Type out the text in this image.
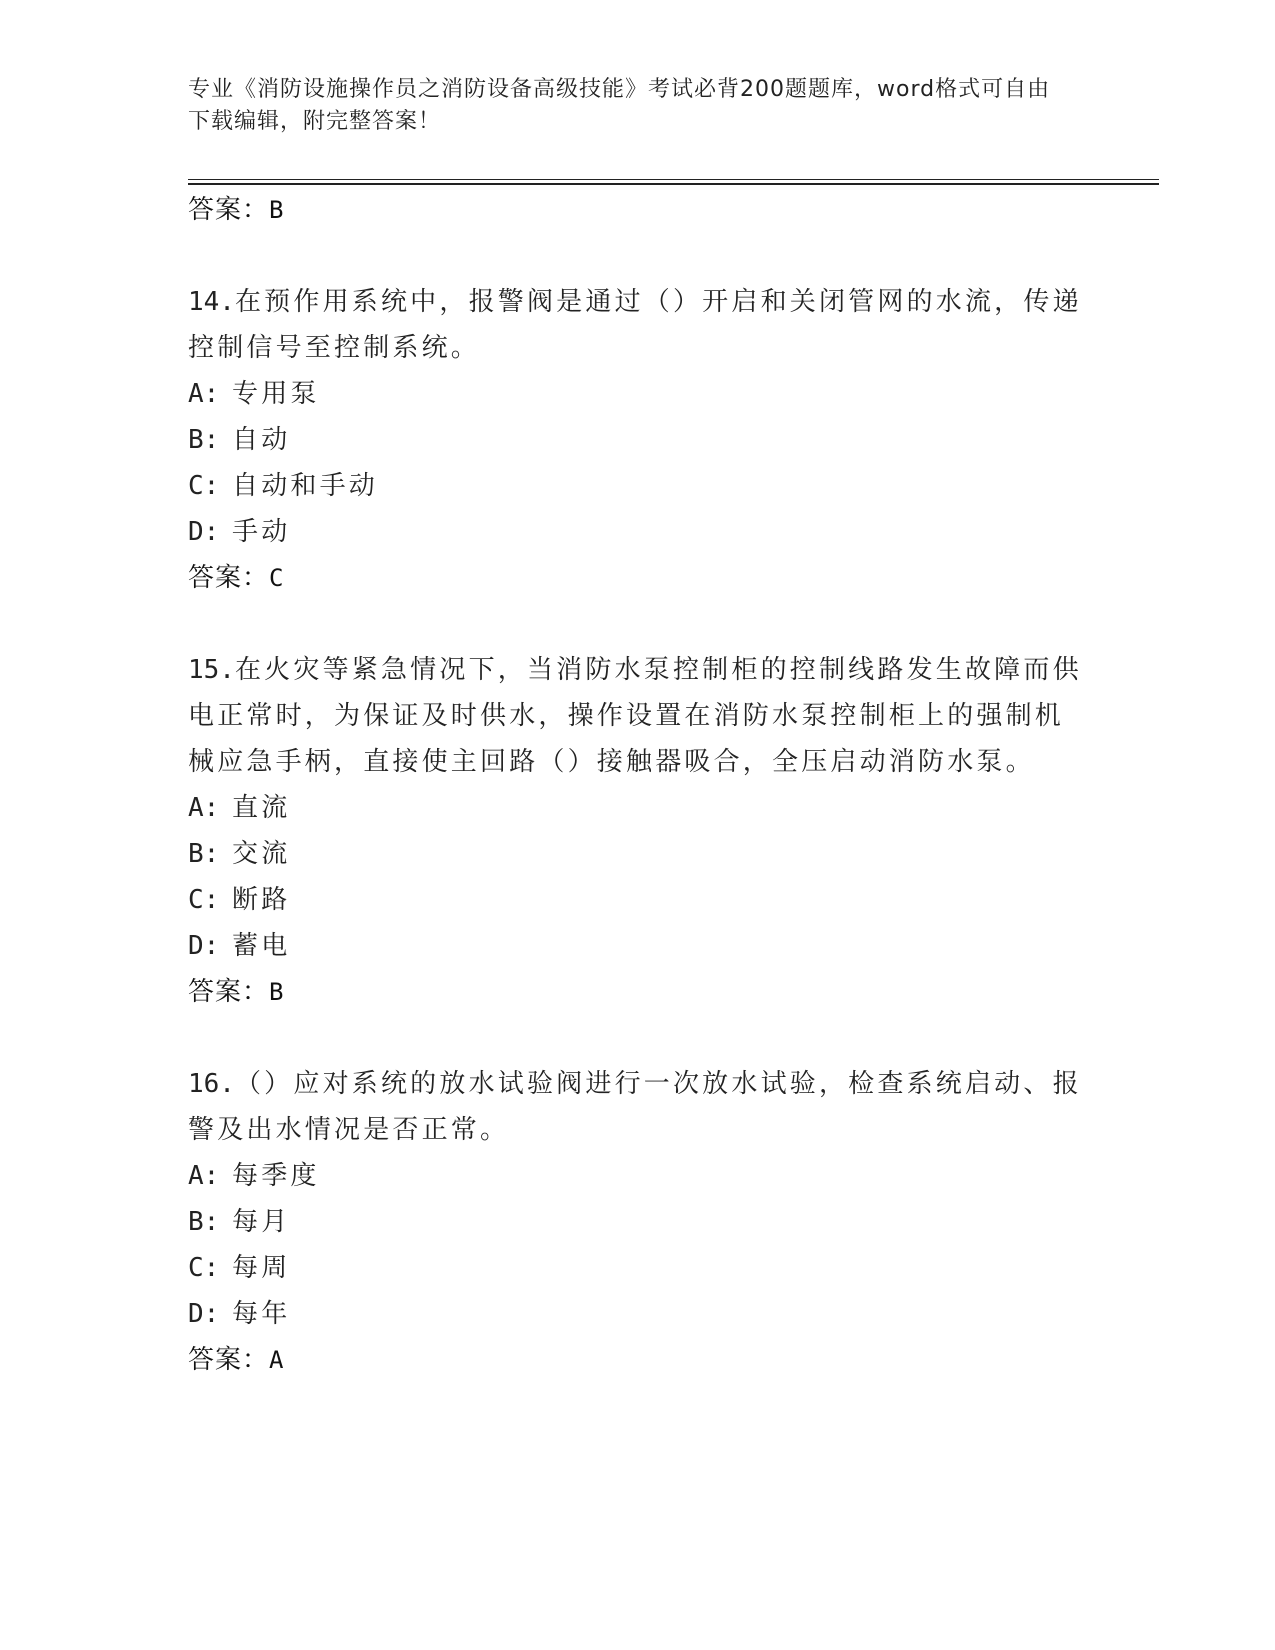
专业《消防设施操作员之消防设备高级技能》考试必背200题题库，word格式可自由下载编辑，附完整答案！
答案：B
14.在预作用系统中，报警阀是通过（）开启和关闭管网的水流，传递控制信号至控制系统。
A: 专用泵
B: 自动
C: 自动和手动
D: 手动
答案：C
15.在火灾等紧急情况下，当消防水泵控制柜的控制线路发生故障而供电正常时，为保证及时供水，操作设置在消防水泵控制柜上的强制机械应急手柄，直接使主回路（）接触器吸合，全压启动消防水泵。
A: 直流
B: 交流
C: 断路
D: 蓄电
答案：B
16.（）应对系统的放水试验阀进行一次放水试验，检查系统启动、报警及出水情况是否正常。
A: 每季度
B: 每月
C: 每周
D: 每年
答案：A
